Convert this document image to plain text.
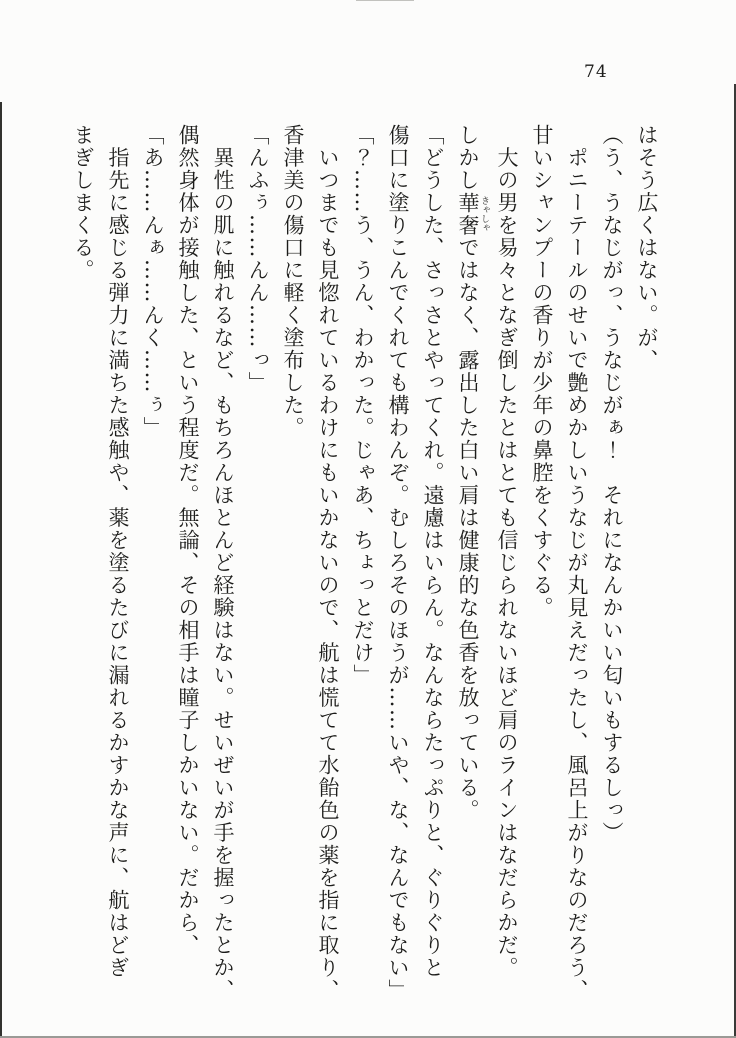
74

はそう広くはない。が、

（う、うなじがっ、うなじがぁ！　それになんかいい匂いもするしっ）

　ポニーテールのせいで艶めかしいうなじが丸見えだったし、風呂上がりなのだろう、

甘いシャンプーの香りが少年の鼻腔をくすぐる。

　大の男を易々となぎ倒したとはとても信じられないほど肩のラインはなだらかだ。

しかし華奢 きゃしゃではなく、露出した白い肩は健康的な色香を放っている。

「どうした、さっさとやってくれ。遠慮はいらん。なんならたっぷりと、ぐりぐりと

傷口に塗りこんでくれても構わんぞ。むしろそのほうが……いや、な、なんでもない」

「？……う、うん、わかった。じゃあ、ちょっとだけ」

　いつまでも見惚れているわけにもいかないので、航は慌てて水飴色の薬を指に取り、

香津美の傷口に軽く塗布した。

「んふぅ……んん……っ」

　異性の肌に触れるなど、もちろんほとんど経験はない。せいぜいが手を握ったとか、

偶然身体が接触した、という程度だ。無論、その相手は瞳子しかいない。だから、

「あ……んぁ……んく……ぅ」

　指先に感じる弾力に満ちた感触や、薬を塗るたびに漏れるかすかな声に、航はどぎ

まぎしまくる。
